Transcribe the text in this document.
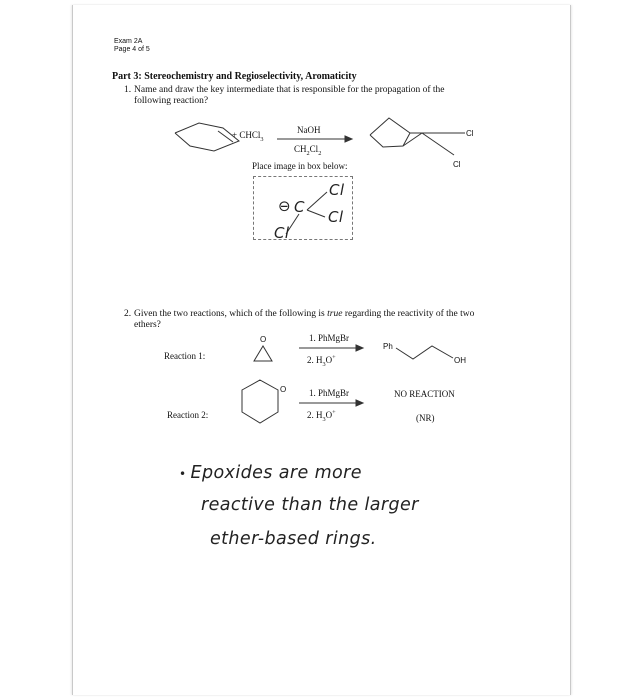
Exam 2A
Page 4 of 5
Part 3: Stereochemistry and Regioselectivity, Aromaticity
1. Name and draw the key intermediate that is responsible for the propagation of the
following reaction?
+ CHCl$_3$
NaOH
$CH_2Cl_2$
Cl
Cl
Place image in box below:
⊖ C
Cl
Cl
Cl
2. Given the two reactions, which of the following is true regarding the reactivity of the two
ethers?
Reaction 1:
O	1. PhMgBr
2. $H_3O^+$
Ph
OH
Reaction 2:
O	1. PhMgBr
2. $H_3O^+$
NO REACTION
(NR)
• Epoxides are more
reactive than the larger
ether-based rings.
